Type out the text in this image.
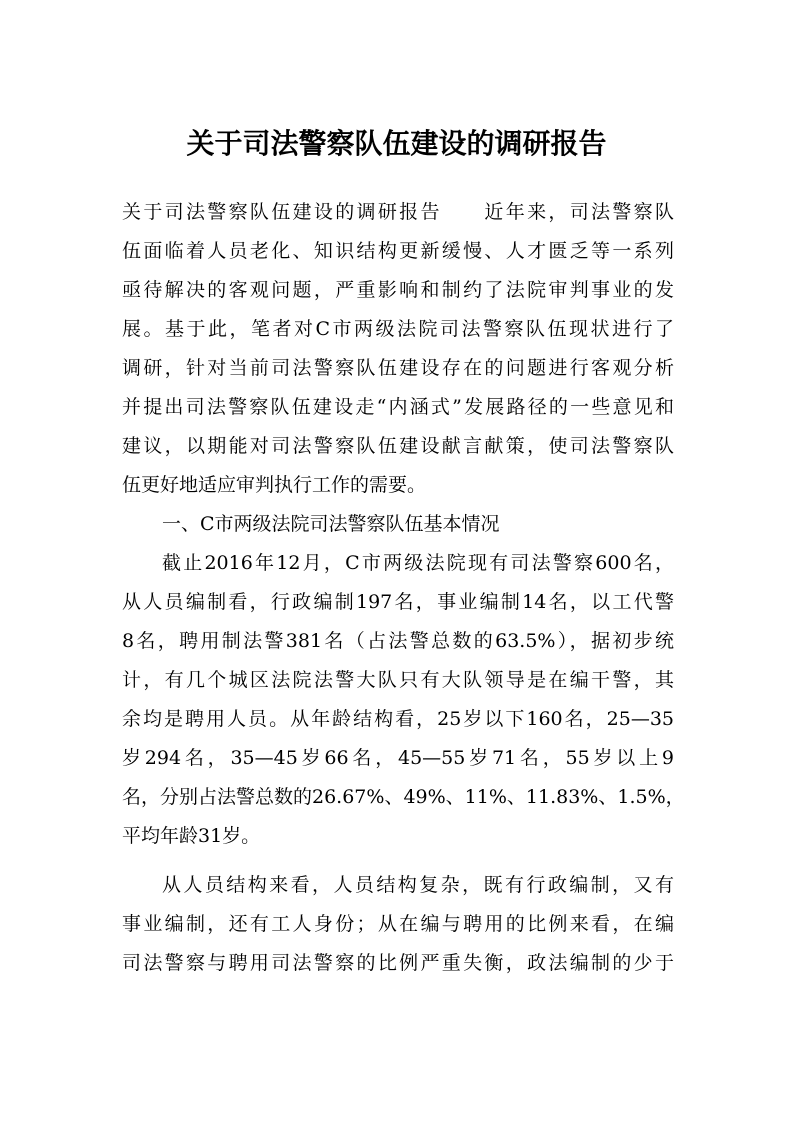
关于司法警察队伍建设的调研报告
关于司法警察队伍建设的调研报告　　近年来，司法警察队
伍面临着人员老化、知识结构更新缓慢、人才匮乏等一系列
亟待解决的客观问题，严重影响和制约了法院审判事业的发
展。基于此，笔者对C市两级法院司法警察队伍现状进行了
调研，针对当前司法警察队伍建设存在的问题进行客观分析
并提出司法警察队伍建设走“内涵式”发展路径的一些意见和
建议，以期能对司法警察队伍建设献言献策，使司法警察队
伍更好地适应审判执行工作的需要。
一、C市两级法院司法警察队伍基本情况
截止2016年12月，C市两级法院现有司法警察600名，
从人员编制看，行政编制197名，事业编制14名，以工代警
8名，聘用制法警381名（占法警总数的63.5%），据初步统
计，有几个城区法院法警大队只有大队领导是在编干警，其
余均是聘用人员。从年龄结构看，25岁以下160名，25—35
岁294名，35—45岁66名，45—55岁71名，55岁以上9
名，分别占法警总数的26.67%、49%、11%、11.83%、1.5%，
平均年龄31岁。
从人员结构来看，人员结构复杂，既有行政编制，又有
事业编制，还有工人身份；从在编与聘用的比例来看，在编
司法警察与聘用司法警察的比例严重失衡，政法编制的少于
